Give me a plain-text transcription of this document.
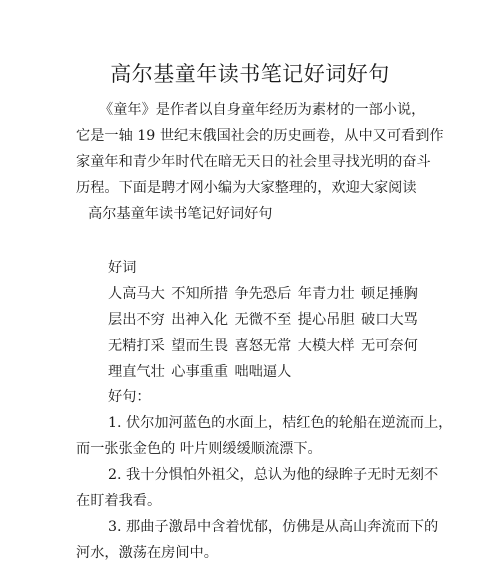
高尔基童年读书笔记好词好句
《童年》是作者以自身童年经历为素材的一部小说，
它是一轴 19 世纪末俄国社会的历史画卷，从中又可看到作
家童年和青少年时代在暗无天日的社会里寻找光明的奋斗
历程。下面是聘才网小编为大家整理的，欢迎大家阅读
高尔基童年读书笔记好词好句
好词
人高马大 不知所措 争先恐后 年青力壮 顿足捶胸
层出不穷 出神入化 无微不至 提心吊胆 破口大骂
无精打采 望而生畏 喜怒无常 大模大样 无可奈何
理直气壮 心事重重 咄咄逼人
好句：
1. 伏尔加河蓝色的水面上，桔红色的轮船在逆流而上，
而一张张金色的 叶片则缓缓顺流漂下。
2. 我十分惧怕外祖父，总认为他的绿眸子无时无刻不
在盯着我看。
3. 那曲子激昂中含着忧郁，仿佛是从高山奔流而下的
河水，激荡在房间中。
